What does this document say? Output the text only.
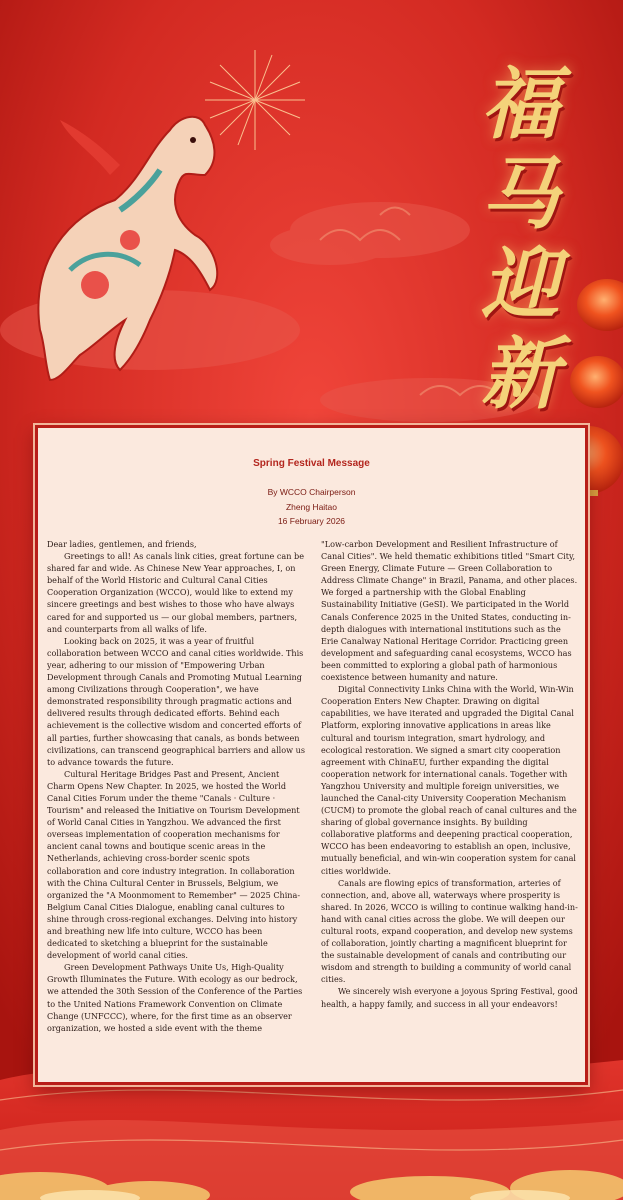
福
马
迎
新
Spring Festival Message
By WCCO Chairperson
Zheng Haitao
16 February 2026

Dear ladies, gentlemen, and friends,

Greetings to all! As canals link cities, great fortune can be shared far and wide. As Chinese New Year approaches, I, on behalf of the World Historic and Cultural Canal Cities Cooperation Organization (WCCO), would like to extend my sincere greetings and best wishes to those who have always cared for and supported us — our global members, partners, and counterparts from all walks of life.

Looking back on 2025, it was a year of fruitful collaboration between WCCO and canal cities worldwide. This year, adhering to our mission of "Empowering Urban Development through Canals and Promoting Mutual Learning among Civilizations through Cooperation", we have demonstrated responsibility through pragmatic actions and delivered results through dedicated efforts. Behind each achievement is the collective wisdom and concerted efforts of all parties, further showcasing that canals, as bonds between civilizations, can transcend geographical barriers and allow us to advance towards the future.

Cultural Heritage Bridges Past and Present, Ancient Charm Opens New Chapter. In 2025, we hosted the World Canal Cities Forum under the theme "Canals · Culture · Tourism" and released the Initiative on Tourism Development of World Canal Cities in Yangzhou. We advanced the first overseas implementation of cooperation mechanisms for ancient canal towns and boutique scenic areas in the Netherlands, achieving cross-border scenic spots collaboration and core industry integration. In collaboration with the China Cultural Center in Brussels, Belgium, we organized the "A Moonmoment to Remember" — 2025 China-Belgium Canal Cities Dialogue, enabling canal cultures to shine through cross-regional exchanges. Delving into history and breathing new life into culture, WCCO has been dedicated to sketching a blueprint for the sustainable development of world canal cities.

Green Development Pathways Unite Us, High-Quality Growth Illuminates the Future. With ecology as our bedrock, we attended the 30th Session of the Conference of the Parties to the United Nations Framework Convention on Climate Change (UNFCCC), where, for the first time as an observer organization, we hosted a side event with the theme

"Low-carbon Development and Resilient Infrastructure of Canal Cities". We held thematic exhibitions titled "Smart City, Green Energy, Climate Future — Green Collaboration to Address Climate Change" in Brazil, Panama, and other places. We forged a partnership with the Global Enabling Sustainability Initiative (GeSI). We participated in the World Canals Conference 2025 in the United States, conducting in-depth dialogues with international institutions such as the Erie Canalway National Heritage Corridor. Practicing green development and safeguarding canal ecosystems, WCCO has been committed to exploring a global path of harmonious coexistence between humanity and nature.

Digital Connectivity Links China with the World, Win-Win Cooperation Enters New Chapter. Drawing on digital capabilities, we have iterated and upgraded the Digital Canal Platform, exploring innovative applications in areas like cultural and tourism integration, smart hydrology, and ecological restoration. We signed a smart city cooperation agreement with ChinaEU, further expanding the digital cooperation network for international canals. Together with Yangzhou University and multiple foreign universities, we launched the Canal-city University Cooperation Mechanism (CUCM) to promote the global reach of canal cultures and the sharing of global governance insights. By building collaborative platforms and deepening practical cooperation, WCCO has been endeavoring to establish an open, inclusive, mutually beneficial, and win-win cooperation system for canal cities worldwide.

Canals are flowing epics of transformation, arteries of connection, and, above all, waterways where prosperity is shared. In 2026, WCCO is willing to continue walking hand-in-hand with canal cities across the globe. We will deepen our cultural roots, expand cooperation, and develop new systems of collaboration, jointly charting a magnificent blueprint for the sustainable development of canals and contributing our wisdom and strength to building a community of world canal cities.

We sincerely wish everyone a joyous Spring Festival, good health, a happy family, and success in all your endeavors!
